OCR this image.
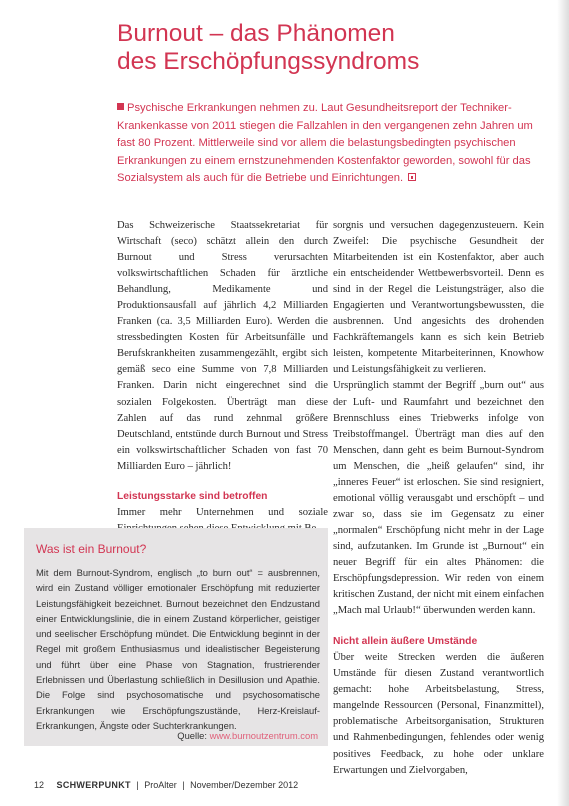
Burnout – das Phänomen
des Erschöpfungssyndroms

Psychische Erkrankungen nehmen zu. Laut Gesundheitsreport der Techniker-Krankenkasse von 2011 stiegen die Fallzahlen in den vergangenen zehn Jahren um fast 80 Prozent. Mittlerweile sind vor allem die belastungsbedingten psychischen Erkrankungen zu einem ernstzunehmenden Kostenfaktor geworden, sowohl für das Sozialsystem als auch für die Betriebe und Einrichtungen.

Das Schweizerische Staatssekretariat für Wirtschaft (seco) schätzt allein den durch Burnout und Stress verursachten volkswirtschaftlichen Schaden für ärztliche Behandlung, Medikamente und Produktionsausfall auf jährlich 4,2 Milliarden Franken (ca. 3,5 Milliarden Euro). Werden die stressbedingten Kosten für Arbeitsunfälle und Berufskrankheiten zusammengezählt, ergibt sich gemäß seco eine Summe von 7,8 Milliarden Franken. Darin nicht eingerechnet sind die sozialen Folgekosten. Überträgt man diese Zahlen auf das rund zehnmal größere Deutschland, entstünde durch Burnout und Stress ein volkswirtschaftlicher Schaden von fast 70 Milliarden Euro – jährlich!

Leistungsstarke sind betroffen

Immer mehr Unternehmen und soziale

sorgnis und versuchen dagegenzusteuern. Kein Zweifel: Die psychische Gesundheit der Mitarbeitenden ist ein Kostenfaktor, aber auch ein entscheidender Wettbewerbsvorteil. Denn es sind in der Regel die Leistungsträger, also die Engagierten und Verantwortungsbewussten, die ausbrennen. Und angesichts des drohenden Fachkräftemangels kann es sich kein Betrieb leisten, kompetente Mitarbeiterinnen, Knowhow und Leistungsfähigkeit zu verlieren.

Ursprünglich stammt der Begriff „burn out“ aus der Luft- und Raumfahrt und bezeichnet den Brennschluss eines Triebwerks infolge von Treibstoffmangel. Überträgt man dies auf den Menschen, dann geht es beim Burnout-Syndrom um Menschen, die „heiß gelaufen“ sind, ihr „inneres Feuer“ ist erloschen. Sie sind resigniert, emotional völlig verausgabt und erschöpft – und zwar so, dass sie im Gegensatz zu einer „normalen“ Erschöpfung nicht mehr in der Lage sind, aufzutanken. Im Grunde ist „Burnout“ ein neuer Begriff für ein altes Phänomen: die Erschöpfungsdepression. Wir reden von einem kritischen Zustand, der nicht mit einem einfachen „Mach mal Urlaub!“ überwunden werden kann.

Nicht allein äußere Umstände

Über weite Strecken werden die äußeren Umstände für diesen Zustand verantwortlich gemacht: hohe Arbeitsbelastung, Stress, mangelnde Ressourcen (Personal, Finanzmittel), problematische Arbeitsorganisation, Strukturen und Rahmenbedingungen, fehlendes oder wenig positives Feedback, zu hohe oder unklare Erwartungen und Zielvorgaben,

Was ist ein Burnout?

Mit dem Burnout-Syndrom, englisch „to burn out“ = ausbrennen, wird ein Zustand völliger emotionaler Erschöpfung mit reduzierter Leistungsfähigkeit bezeichnet. Burnout bezeichnet den Endzustand einer Entwicklungslinie, die in einem Zustand körperlicher, geistiger und seelischer Erschöpfung mündet. Die Entwicklung beginnt in der Regel mit großem Enthusiasmus und idealistischer Begeisterung und führt über eine Phase von Stagnation, frustrierender Erlebnissen und Überlastung schließlich in Desillusion und Apathie. Die Folge sind psychosomatische und psychosomatische Erkrankungen wie Erschöpfungszustände, Herz-Kreislauf-Erkrankungen, Ängste oder Suchterkrankungen.

Quelle: www.burnoutzentrum.com
12 SCHWERPUNKT | ProAlter | November/Dezember 2012
